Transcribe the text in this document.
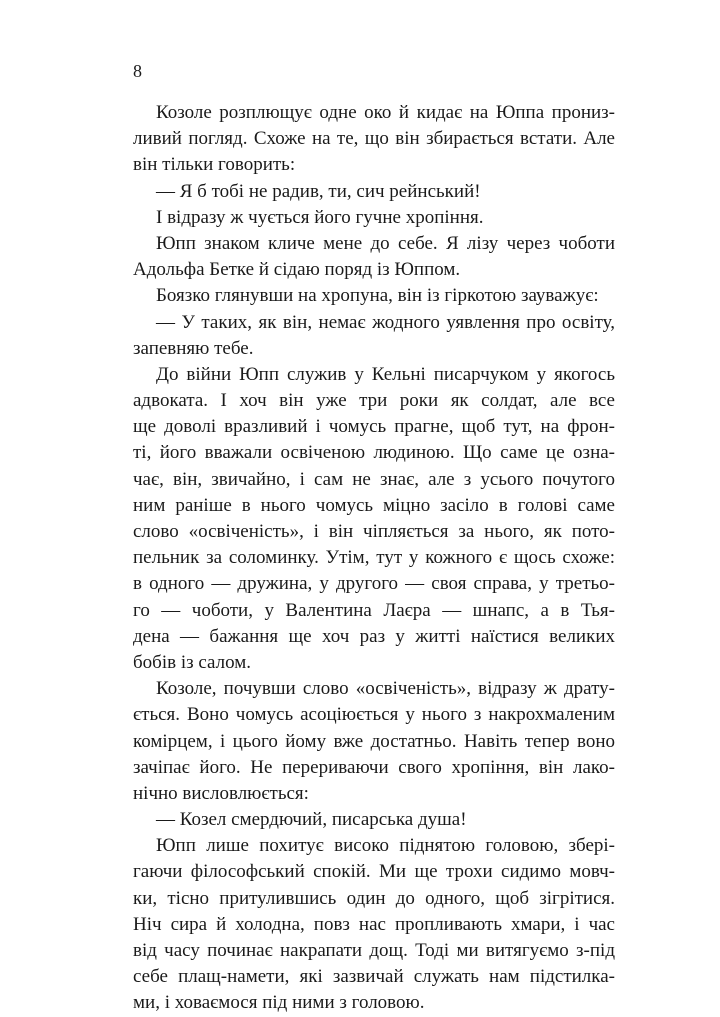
8
Козоле розплющує одне око й кидає на Юппа прониз-
ливий погляд. Схоже на те, що він збирається встати. Але
він тільки говорить:
— Я б тобі не радив, ти, сич рейнський!
І відразу ж чується його гучне хропіння.
Юпп знаком кличе мене до себе. Я лізу через чоботи
Адольфа Бетке й сідаю поряд із Юппом.
Боязко глянувши на хропуна, він із гіркотою зауважує:
— У таких, як він, немає жодного уявлення про освіту,
запевняю тебе.
До війни Юпп служив у Кельні писарчуком у якогось
адвоката. І хоч він уже три роки як солдат, але все
ще доволі вразливий і чомусь прагне, щоб тут, на фрон-
ті, його вважали освіченою людиною. Що саме це озна-
чає, він, звичайно, і сам не знає, але з усього почутого
ним раніше в нього чомусь міцно засіло в голові саме
слово «освіченість», і він чіпляється за нього, як пото-
пельник за соломинку. Утім, тут у кожного є щось схоже:
в одного — дружина, у другого — своя справа, у третьо-
го — чоботи, у Валентина Лаєра — шнапс, а в Тья-
дена — бажання ще хоч раз у житті наїстися великих
бобів із салом.
Козоле, почувши слово «освіченість», відразу ж драту-
ється. Воно чомусь асоціюється у нього з накрохмаленим
комірцем, і цього йому вже достатньо. Навіть тепер воно
зачіпає його. Не перериваючи свого хропіння, він лако-
нічно висловлюється:
— Козел смердючий, писарська душа!
Юпп лише похитує високо піднятою головою, збері-
гаючи філософський спокій. Ми ще трохи сидимо мовч-
ки, тісно притулившись один до одного, щоб зігрітися.
Ніч сира й холодна, повз нас пропливають хмари, і час
від часу починає накрапати дощ. Тоді ми витягуємо з-під
себе плащ-намети, які зазвичай служать нам підстилка-
ми, і ховаємося під ними з головою.
